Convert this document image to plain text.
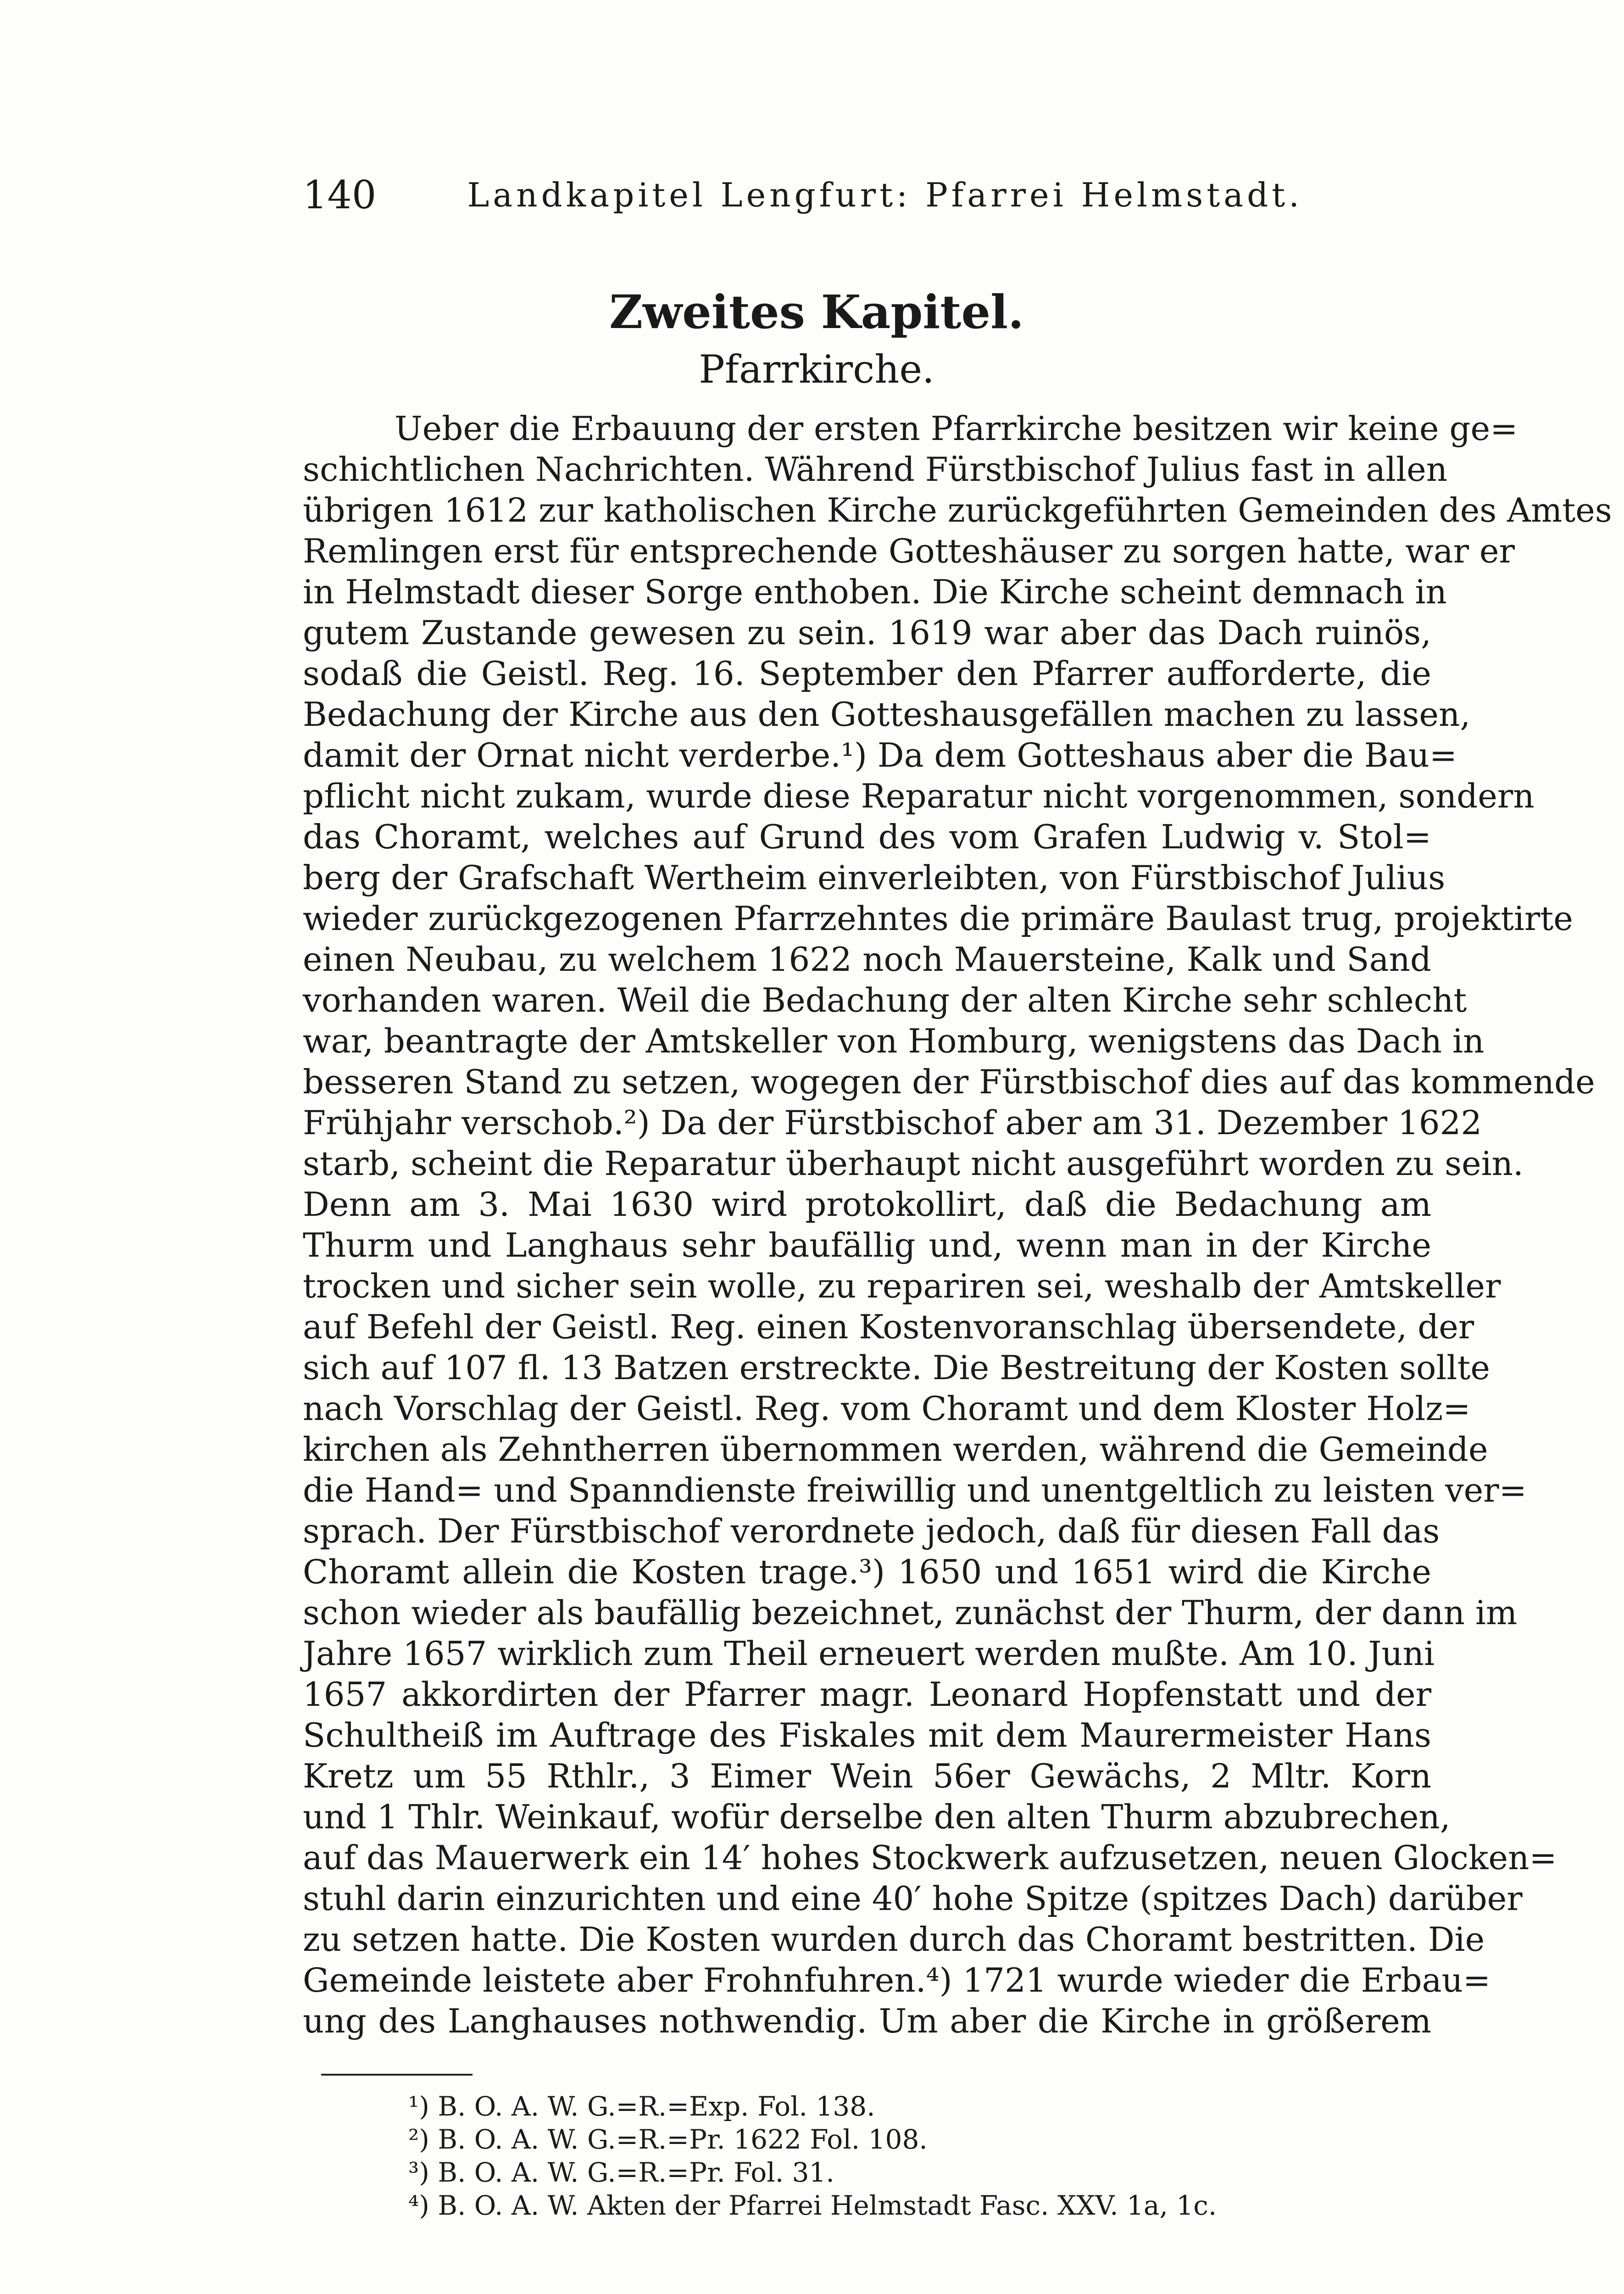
140	Landkapitel Lengfurt: Pfarrei Helmstadt.
Zweites Kapitel.
Pfarrkirche.
Ueber die Erbauung der ersten Pfarrkirche besitzen wir keine ge=
schichtlichen Nachrichten. Während Fürstbischof Julius fast in allen
übrigen 1612 zur katholischen Kirche zurückgeführten Gemeinden des Amtes
Remlingen erst für entsprechende Gotteshäuser zu sorgen hatte, war er
in Helmstadt dieser Sorge enthoben. Die Kirche scheint demnach in
gutem Zustande gewesen zu sein. 1619 war aber das Dach ruinös,
sodaß die Geistl. Reg. 16. September den Pfarrer aufforderte, die
Bedachung der Kirche aus den Gotteshausgefällen machen zu lassen,
damit der Ornat nicht verderbe.¹) Da dem Gotteshaus aber die Bau=
pflicht nicht zukam, wurde diese Reparatur nicht vorgenommen, sondern
das Choramt, welches auf Grund des vom Grafen Ludwig v. Stol=
berg der Grafschaft Wertheim einverleibten, von Fürstbischof Julius
wieder zurückgezogenen Pfarrzehntes die primäre Baulast trug, projektirte
einen Neubau, zu welchem 1622 noch Mauersteine, Kalk und Sand
vorhanden waren. Weil die Bedachung der alten Kirche sehr schlecht
war, beantragte der Amtskeller von Homburg, wenigstens das Dach in
besseren Stand zu setzen, wogegen der Fürstbischof dies auf das kommende
Frühjahr verschob.²) Da der Fürstbischof aber am 31. Dezember 1622
starb, scheint die Reparatur überhaupt nicht ausgeführt worden zu sein.
Denn am 3. Mai 1630 wird protokollirt, daß die Bedachung am
Thurm und Langhaus sehr baufällig und, wenn man in der Kirche
trocken und sicher sein wolle, zu repariren sei, weshalb der Amtskeller
auf Befehl der Geistl. Reg. einen Kostenvoranschlag übersendete, der
sich auf 107 fl. 13 Batzen erstreckte. Die Bestreitung der Kosten sollte
nach Vorschlag der Geistl. Reg. vom Choramt und dem Kloster Holz=
kirchen als Zehntherren übernommen werden, während die Gemeinde
die Hand= und Spanndienste freiwillig und unentgeltlich zu leisten ver=
sprach. Der Fürstbischof verordnete jedoch, daß für diesen Fall das
Choramt allein die Kosten trage.³) 1650 und 1651 wird die Kirche
schon wieder als baufällig bezeichnet, zunächst der Thurm, der dann im
Jahre 1657 wirklich zum Theil erneuert werden mußte. Am 10. Juni
1657 akkordirten der Pfarrer magr. Leonard Hopfenstatt und der
Schultheiß im Auftrage des Fiskales mit dem Maurermeister Hans
Kretz um 55 Rthlr., 3 Eimer Wein 56er Gewächs, 2 Mltr. Korn
und 1 Thlr. Weinkauf, wofür derselbe den alten Thurm abzubrechen,
auf das Mauerwerk ein 14′ hohes Stockwerk aufzusetzen, neuen Glocken=
stuhl darin einzurichten und eine 40′ hohe Spitze (spitzes Dach) darüber
zu setzen hatte. Die Kosten wurden durch das Choramt bestritten. Die
Gemeinde leistete aber Frohnfuhren.⁴) 1721 wurde wieder die Erbau=
ung des Langhauses nothwendig. Um aber die Kirche in größerem
¹) B. O. A. W. G.=R.=Exp. Fol. 138.
²) B. O. A. W. G.=R.=Pr. 1622 Fol. 108.
³) B. O. A. W. G.=R.=Pr. Fol. 31.
⁴) B. O. A. W. Akten der Pfarrei Helmstadt Fasc. XXV. 1a, 1c.
